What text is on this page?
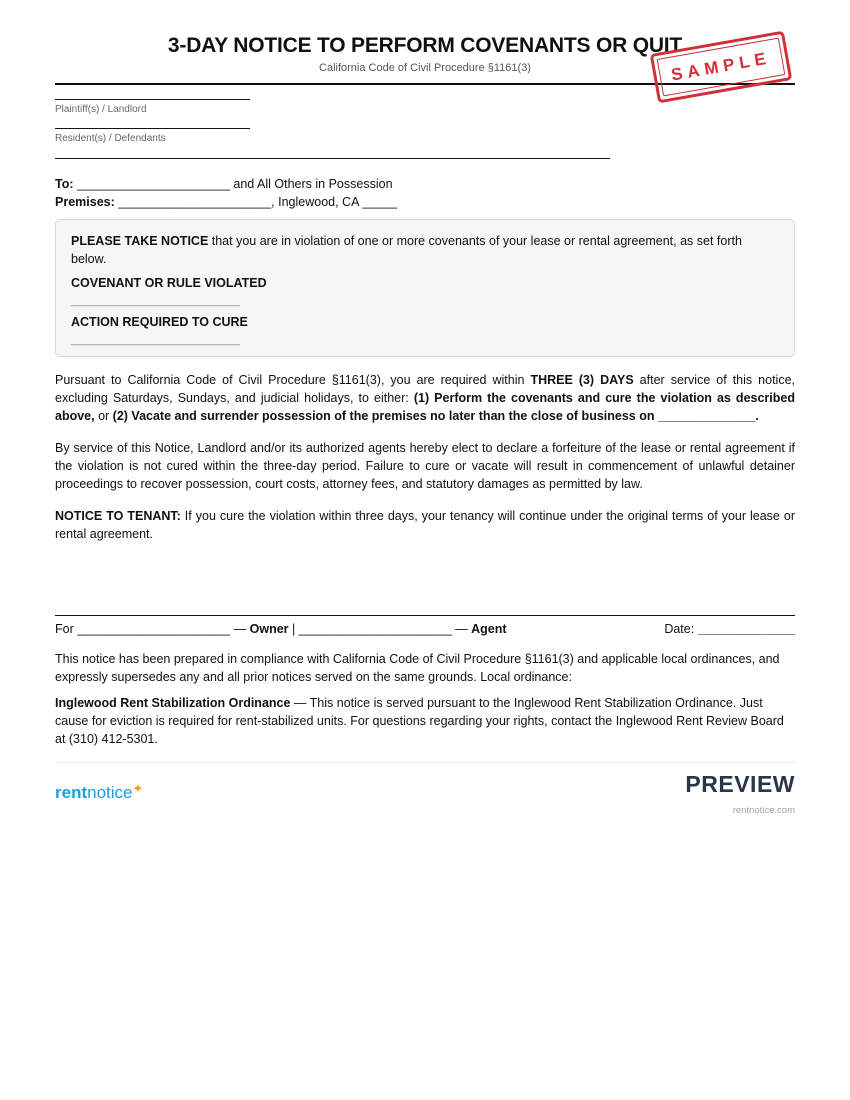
SAMPLE
3-DAY NOTICE TO PERFORM COVENANTS OR QUIT
California Code of Civil Procedure §1161(3)
Plaintiff(s) / Landlord
Resident(s) / Defendants
To: ______________________ and All Others in Possession
Premises: ______________________, Inglewood, CA _____

PLEASE TAKE NOTICE that you are in violation of one or more covenants of your lease or rental agreement, as set forth below.

COVENANT OR RULE VIOLATED
______________________________
ACTION REQUIRED TO CURE
______________________________
Pursuant to California Code of Civil Procedure §1161(3), you are required within THREE (3) DAYS after service of this notice, excluding Saturdays, Sundays, and judicial holidays, to either: (1) Perform the covenants and cure the violation as described above, or (2) Vacate and surrender possession of the premises no later than the close of business on ______________.
By service of this Notice, Landlord and/or its authorized agents hereby elect to declare a forfeiture of the lease or rental agreement if the violation is not cured within the three-day period. Failure to cure or vacate will result in commencement of unlawful detainer proceedings to recover possession, court costs, attorney fees, and statutory damages as permitted by law.
NOTICE TO TENANT: If you cure the violation within three days, your tenancy will continue under the original terms of your lease or rental agreement.
For ______________________ — Owner | ______________________ — Agent	Date: ______________
This notice has been prepared in compliance with California Code of Civil Procedure §1161(3) and applicable local ordinances, and expressly supersedes any and all prior notices served on the same grounds. Local ordinance:
Inglewood Rent Stabilization Ordinance — This notice is served pursuant to the Inglewood Rent Stabilization Ordinance. Just cause for eviction is required for rent-stabilized units. For questions regarding your rights, contact the Inglewood Rent Review Board at (310) 412-5301.
rentnotice✦	PREVIEW
rentnotice.com
